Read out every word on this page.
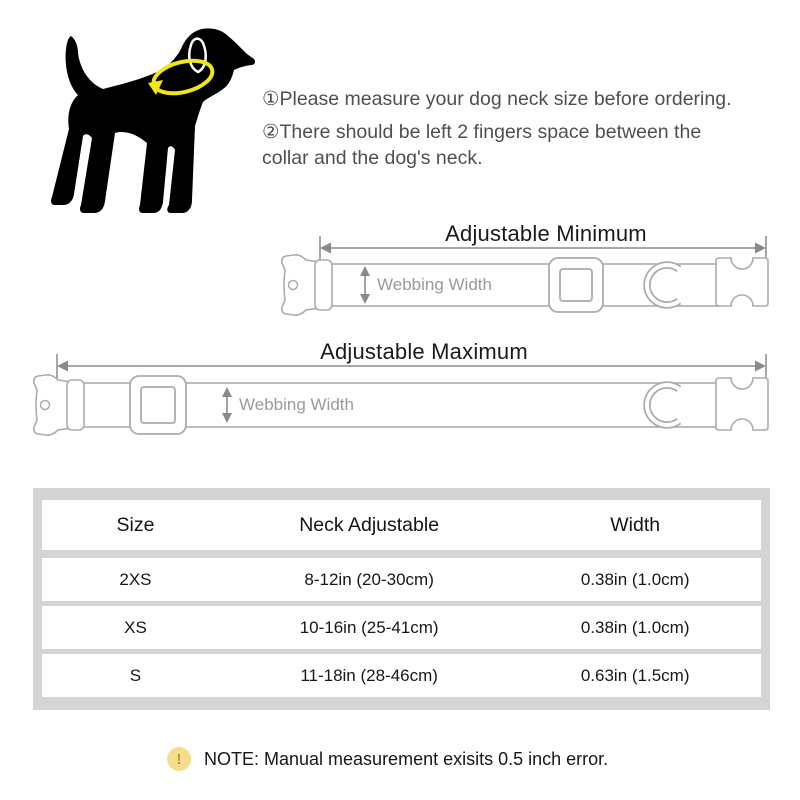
①Please measure your dog neck size before ordering.

②There should be left 2 fingers space between the
collar and the dog's neck.

Adjustable Minimum
Webbing Width
Adjustable Maximum
Webbing Width
Size	Neck Adjustable	Width
2XS	8-12in (20-30cm)	0.38in (1.0cm)
XS	10-16in (25-41cm)	0.38in (1.0cm)
S	11-18in (28-46cm)	0.63in (1.5cm)
! NOTE: Manual measurement exisits 0.5 inch error.
